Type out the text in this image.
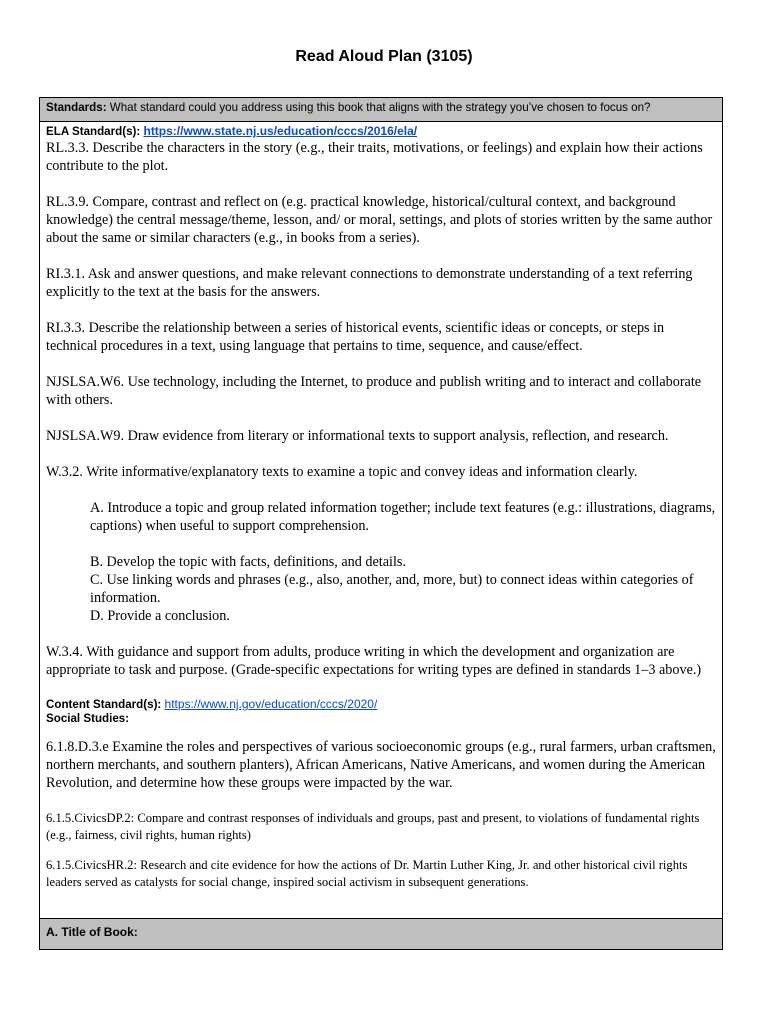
Read Aloud Plan (3105)
Standards: What standard could you address using this book that aligns with the strategy you’ve chosen to focus on?
ELA Standard(s): https://www.state.nj.us/education/cccs/2016/ela/

RL.3.3. Describe the characters in the story (e.g., their traits, motivations, or feelings) and explain how their actions contribute to the plot.

RL.3.9. Compare, contrast and reflect on (e.g. practical knowledge, historical/cultural context, and background knowledge) the central message/theme, lesson, and/ or moral, settings, and plots of stories written by the same author about the same or similar characters (e.g., in books from a series).

RI.3.1. Ask and answer questions, and make relevant connections to demonstrate understanding of a text referring explicitly to the text at the basis for the answers.

RI.3.3. Describe the relationship between a series of historical events, scientific ideas or concepts, or steps in technical procedures in a text, using language that pertains to time, sequence, and cause/effect.

NJSLSA.W6. Use technology, including the Internet, to produce and publish writing and to interact and collaborate with others.

NJSLSA.W9. Draw evidence from literary or informational texts to support analysis, reflection, and research.

W.3.2. Write informative/explanatory texts to examine a topic and convey ideas and information clearly.

A. Introduce a topic and group related information together; include text features (e.g.: illustrations, diagrams, captions) when useful to support comprehension.

B. Develop the topic with facts, definitions, and details.

C. Use linking words and phrases (e.g., also, another, and, more, but) to connect ideas within categories of information.

D. Provide a conclusion.

W.3.4. With guidance and support from adults, produce writing in which the development and organization are appropriate to task and purpose. (Grade-specific expectations for writing types are defined in standards 1–3 above.)

Content Standard(s): https://www.nj.gov/education/cccs/2020/
Social Studies:

6.1.8.D.3.e Examine the roles and perspectives of various socioeconomic groups (e.g., rural farmers, urban craftsmen, northern merchants, and southern planters), African Americans, Native Americans, and women during the American Revolution, and determine how these groups were impacted by the war.

6.1.5.CivicsDP.2: Compare and contrast responses of individuals and groups, past and present, to violations of fundamental rights (e.g., fairness, civil rights, human rights)

6.1.5.CivicsHR.2: Research and cite evidence for how the actions of Dr. Martin Luther King, Jr. and other historical civil rights leaders served as catalysts for social change, inspired social activism in subsequent generations.

A. Title of Book:
